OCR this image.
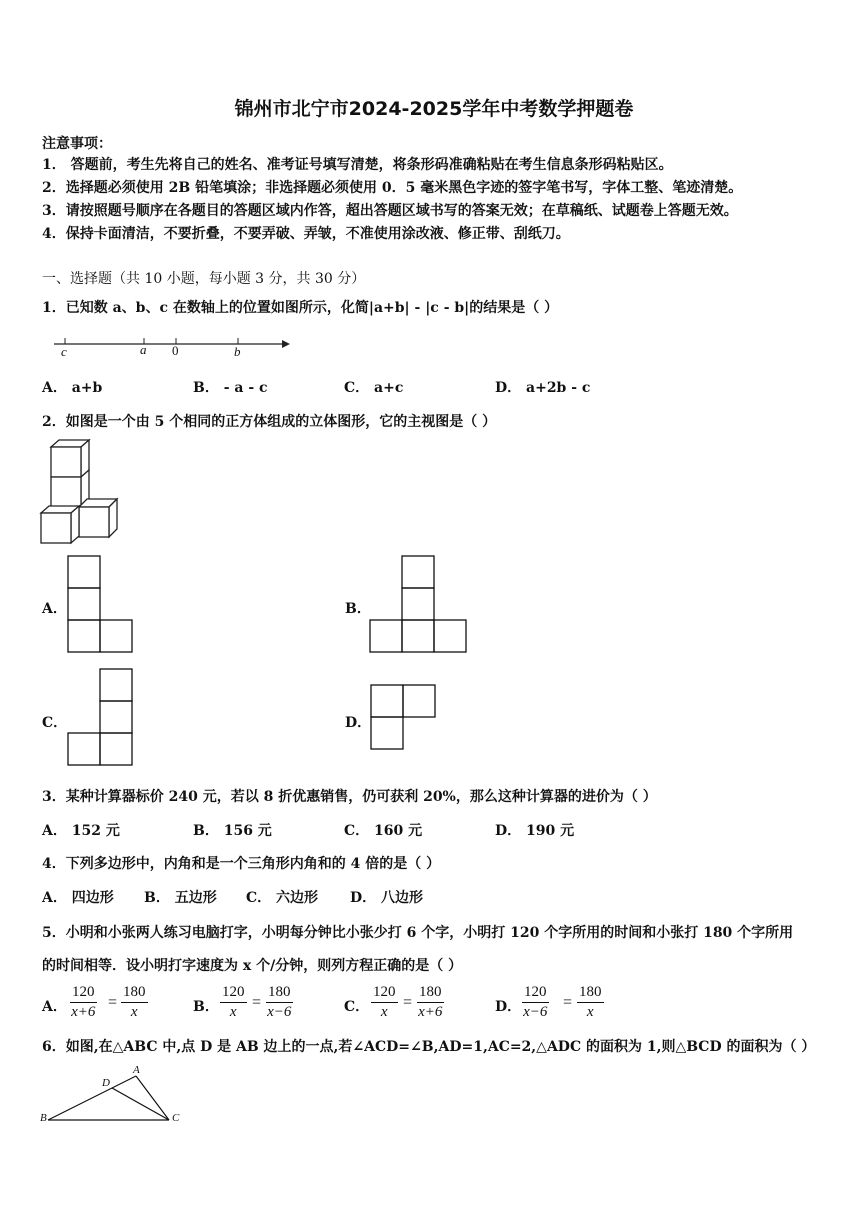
锦州市北宁市2024-2025学年中考数学押题卷
注意事项：
1． 答题前，考生先将自己的姓名、准考证号填写清楚，将条形码准确粘贴在考生信息条形码粘贴区。
2．选择题必须使用 2B 铅笔填涂；非选择题必须使用 0．5 毫米黑色字迹的签字笔书写，字体工整、笔迹清楚。
3．请按照题号顺序在各题目的答题区域内作答，超出答题区域书写的答案无效；在草稿纸、试题卷上答题无效。
4．保持卡面清洁，不要折叠，不要弄破、弄皱，不准使用涂改液、修正带、刮纸刀。
一、选择题（共 10 小题，每小题 3 分，共 30 分）
1．已知数 a、b、c 在数轴上的位置如图所示，化简|a+b| - |c - b|的结果是（ ）
c	a 0	b
A． a+b	B． - a - c	C． a+c	D． a+2b - c
2．如图是一个由 5 个相同的正方体组成的立体图形，它的主视图是（ ）
A．	B．
C．	D．
3．某种计算器标价 240 元，若以 8 折优惠销售，仍可获利 20%，那么这种计算器的进价为（ ）
A． 152 元	B． 156 元	C． 160 元	D． 190 元
4．下列多边形中，内角和是一个三角形内角和的 4 倍的是（ ）
A． 四边形 B． 五边形 C． 六边形 D． 八边形
5．小明和小张两人练习电脑打字，小明每分钟比小张少打 6 个字，小明打 120 个字所用的时间和小张打 180 个字所用
的时间相等．设小明打字速度为 x 个/分钟，则列方程正确的是（ ）
A． $\frac{120}{x+6} = \frac{180}{x}$	B． $\frac{120}{x} = \frac{180}{x-6}$	C． $\frac{120}{x} = \frac{180}{x+6}$	D． $\frac{120}{x-6} = \frac{180}{x}$
6．如图,在△ABC 中,点 D 是 AB 边上的一点,若∠ACD=∠B,AD=1,AC=2,△ADC 的面积为 1,则△BCD 的面积为（ ）
A
D
B	C
